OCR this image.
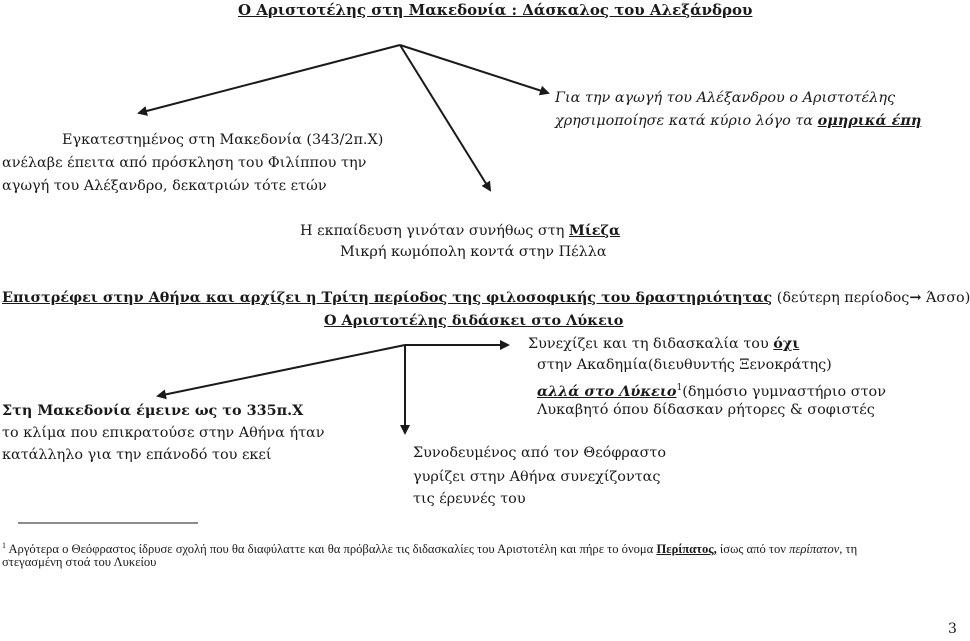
Ο Αριστοτέλης στη Μακεδονία : Δάσκαλος του Αλεξάνδρου
Εγκατεστημένος στη Μακεδονία (343/2π.Χ)
ανέλαβε έπειτα από πρόσκληση του Φιλίππου την
αγωγή του Αλέξανδρο, δεκατριών τότε ετών
Για την αγωγή του Αλέξανδρου ο Αριστοτέλης
χρησιμοποίησε κατά κύριο λόγο τα ομηρικά έπη
Η εκπαίδευση γινόταν συνήθως στη Μίεζα
Μικρή κωμόπολη κοντά στην Πέλλα
Επιστρέφει στην Αθήνα και αρχίζει η Τρίτη περίοδος της φιλοσοφικής του δραστηριότητας (δεύτερη περίοδος→ Άσσο)
Ο Αριστοτέλης διδάσκει στο Λύκειο
Συνεχίζει και τη διδασκαλία του όχι
στην Ακαδημία(διευθυντής Ξενοκράτης)
αλλά στο Λύκειο$^1$(δημόσιο γυμναστήριο στον
Λυκαβητό όπου δίδασκαν ρήτορες & σοφιστές
Στη Μακεδονία έμεινε ως το 335π.Χ
το κλίμα που επικρατούσε στην Αθήνα ήταν
κατάλληλο για την επάνοδό του εκεί	Συνοδευμένος από τον Θεόφραστο
γυρίζει στην Αθήνα συνεχίζοντας
τις έρευνές του
$^1$ Αργότερα ο Θεόφραστος ίδρυσε σχολή που θα διαφύλαττε και θα πρόβαλλε τις διδασκαλίες του Αριστοτέλη και πήρε το όνομα Περίπατος, ίσως από τον περίπατον, τη
στεγασμένη στοά του Λυκείου
3
